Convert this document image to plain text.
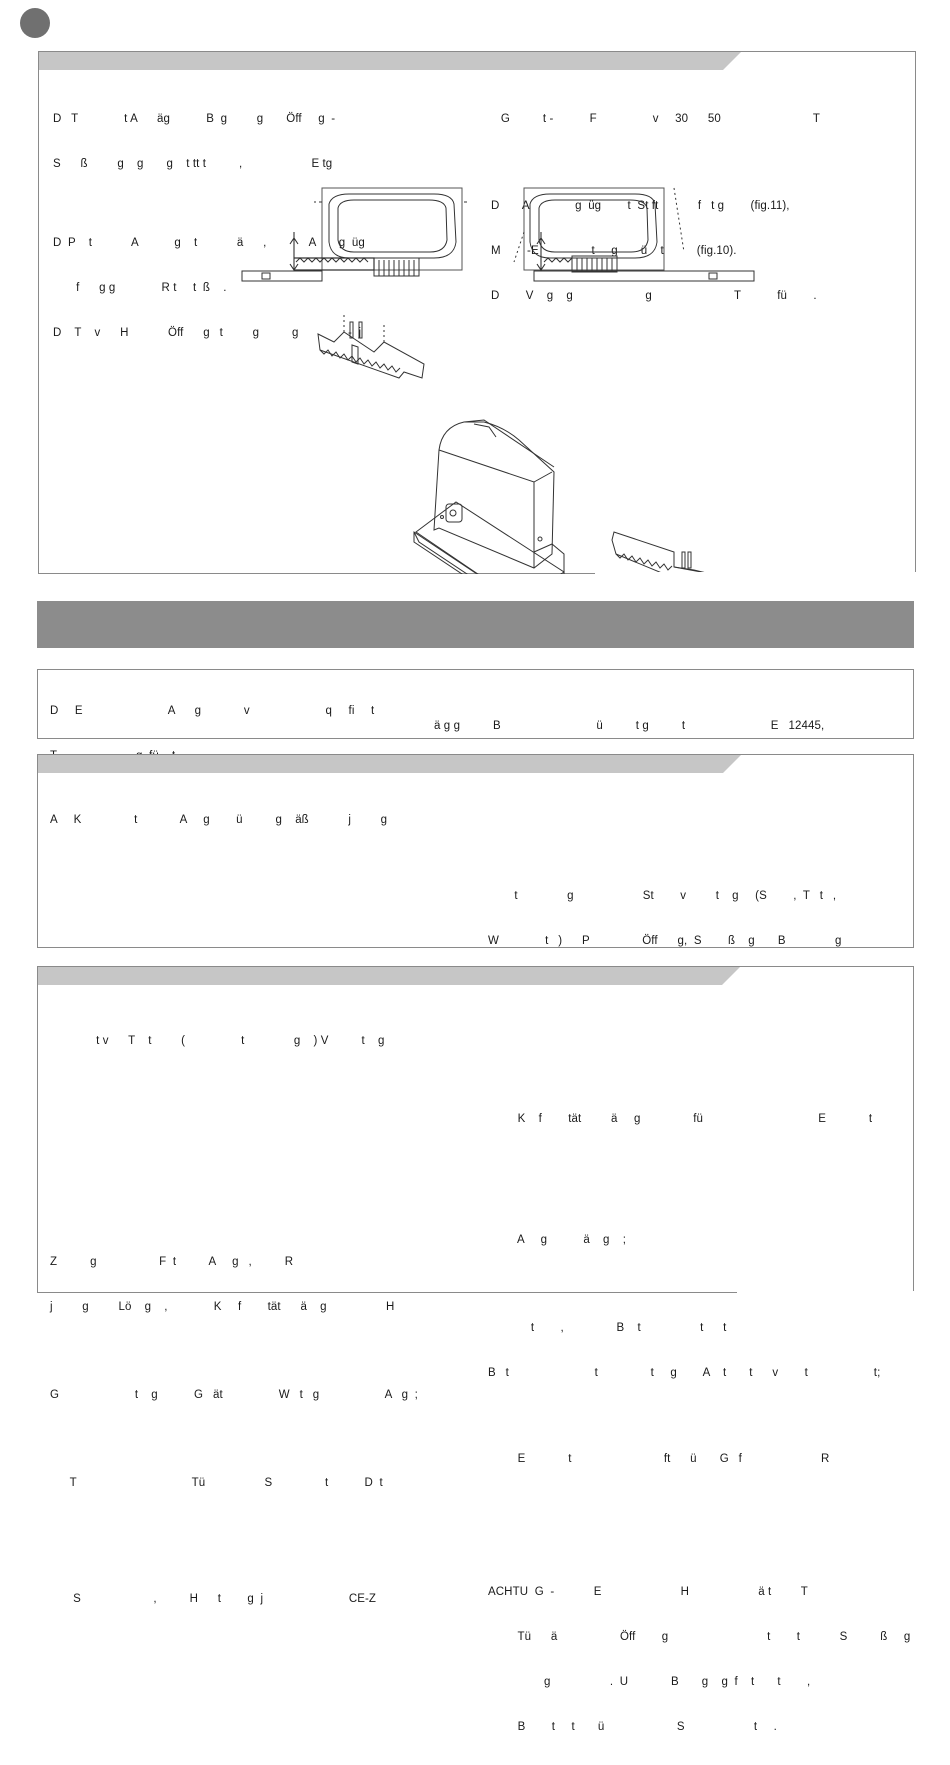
D   T              t A      äg           B  g         g       Öff     g  -

S      ß         g    g       g    t tt t          ,                     E tg

D  P    t            A           g    t            ä      ,             A       g  üg

f      g g              R t     t  ß    .

D    T    v      H            Öff      g   t         g          g               -  j

G          t -           F                 v     30      50                            T

D       A              g  üg        t  St ft            f   t g        (fig.11),

M        -E                t     g       ü    t          (fig.10).

D        V    g    g                      g                         T           fü        .

D     E                          A      g             v                       q     fi     t

ä g g          B                             ü          t g          t                          E   12445,

A     K                t             A     g        ü          g    äß            j         g

t               g                     St        v         t    g     (S        ,  T   t   ,

W              t   )      P                Öff      g,  S        ß    g       B               g

t v      T    t         (                 t               g    ) V          t    g

Z          g                   F  t          A     g   ,          R

j         g         Lö    g    ,              K     f        tät      ä    g                  H

G                       t    g           G   ät                 W   t   g                    A   g  ;

T                                   Tü                  S                t           D  t

S                      ,          H      t        g  j                          CE-Z

K    f        tät         ä     g                fü                                   E             t

A     g           ä    g    ;

t        ,                B    t                  t      t

B   t                          t                t     g        A    t       t      v        t                    t;

E             t                            ft      ü       G   f                        R

ACHTU  G  -            E                        H                     ä t         T

Tü      ä                   Öff        g                              t        t            S          ß     g

g                  .  U             B       g    g  f    t       t        ,

B        t     t       ü                      S                     t     .
